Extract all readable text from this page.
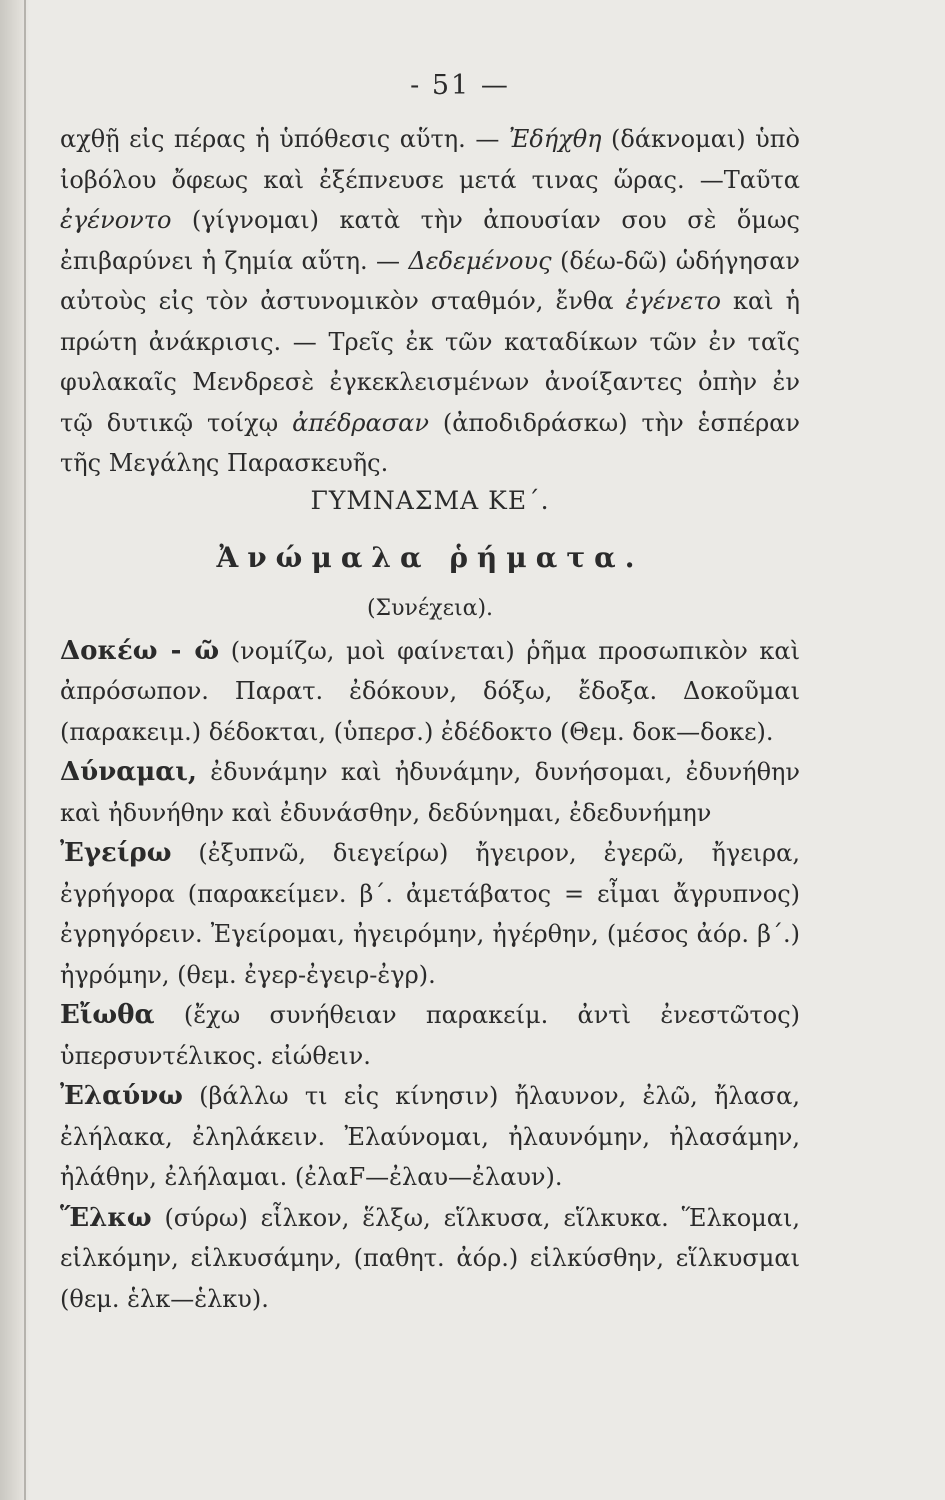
- 51 —

αχθῇ εἰς πέρας ἡ ὑπόθεσις αὕτη. — Ἐδήχθη (δάκνομαι) ὑπὸ ἰοβόλου ὄφεως καὶ ἐξέπνευσε μετά τινας ὥρας. —Ταῦτα ἐγένοντο (γίγνομαι) κατὰ τὴν ἀπουσίαν σου σὲ ὅμως ἐπιβαρύνει ἡ ζημία αὕτη. — Δεδεμένους (δέω-δῶ) ὡδήγησαν αὐτοὺς εἰς τὸν ἀστυνομικὸν σταθμόν, ἔνθα ἐγένετο καὶ ἡ πρώτη ἀνάκρισις. — Τρεῖς ἐκ τῶν καταδίκων τῶν ἐν ταῖς φυλακαῖς Μενδρεσὲ ἐγκεκλεισμένων ἀνοίξαντες ὀπὴν ἐν τῷ δυτικῷ τοίχῳ ἀπέδρασαν (ἀποδιδράσκω) τὴν ἑσπέραν τῆς Μεγάλης Παρασκευῆς.

ΓΥΜΝΑΣΜΑ ΚΕ΄.
Ἀνώμαλα ῥήματα.
(Συνέχεια).

Δοκέω - ῶ (νομίζω, μοὶ φαίνεται) ῥῆμα προσωπικὸν καὶ ἀπρόσωπον. Παρατ. ἐδόκουν, δόξω, ἔδοξα. Δοκοῦμαι (παρακειμ.) δέδοκται, (ὑπερσ.) ἐδέδοκτο (Θεμ. δοκ—δοκε).

Δύναμαι, ἐδυνάμην καὶ ἠδυνάμην, δυνήσομαι, ἐδυνήθην καὶ ἠδυνήθην καὶ ἐδυνάσθην, δεδύνημαι, ἐδεδυνήμην

Ἐγείρω (ἐξυπνῶ, διεγείρω) ἤγειρον, ἐγερῶ, ἤγειρα, ἐγρήγορα (παρακείμεν. β΄. ἀμετάβατος = εἶμαι ἄγρυπνος) ἐγρηγόρειν. Ἐγείρομαι, ἠγειρόμην, ἠγέρθην, (μέσος ἀόρ. β΄.) ἠγρόμην, (θεμ. ἐγερ-ἐγειρ-ἐγρ).

Εἴωθα (ἔχω συνήθειαν παρακείμ. ἀντὶ ἐνεστῶτος) ὑπερσυντέλικος. εἰώθειν.

Ἐλαύνω (βάλλω τι εἰς κίνησιν) ἤλαυνον, ἐλῶ, ἤλασα, ἐλήλακα, ἐληλάκειν. Ἐλαύνομαι, ἠλαυνόμην, ἠλασάμην, ἠλάθην, ἐλήλαμαι. (ἐλαF—ἐλαυ—ἐλαυν).

Ἕλκω (σύρω) εἷλκον, ἕλξω, εἵλκυσα, εἵλκυκα. Ἕλκομαι, εἱλκόμην, εἱλκυσάμην, (παθητ. ἀόρ.) εἱλκύσθην, εἵλκυσμαι (θεμ. ἑλκ—ἑλκυ).
